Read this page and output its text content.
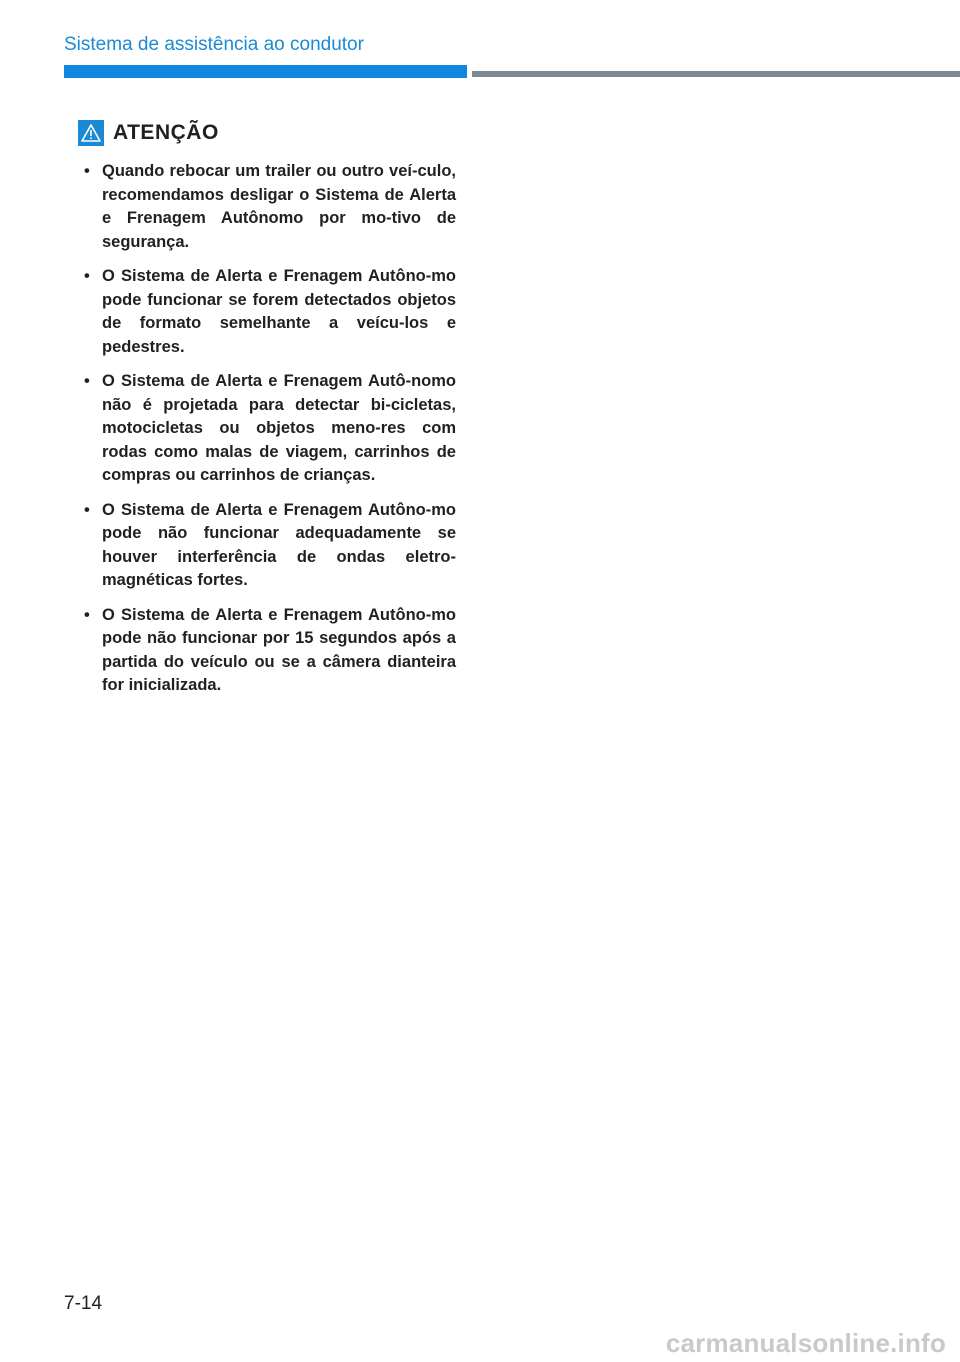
Sistema de assistência ao condutor
ATENÇÃO
• Quando rebocar um trailer ou outro veí-culo, recomendamos desligar o Sistema de Alerta e Frenagem Autônomo por mo-tivo de segurança.
• O Sistema de Alerta e Frenagem Autôno-mo pode funcionar se forem detectados objetos de formato semelhante a veícu-los e pedestres.
• O Sistema de Alerta e Frenagem Autô-nomo não é projetada para detectar bi-cicletas, motocicletas ou objetos meno-res com rodas como malas de viagem, carrinhos de compras ou carrinhos de crianças.
• O Sistema de Alerta e Frenagem Autôno-mo pode não funcionar adequadamente se houver interferência de ondas eletro-magnéticas fortes.
• O Sistema de Alerta e Frenagem Autôno-mo pode não funcionar por 15 segundos após a partida do veículo ou se a câmera dianteira for inicializada.
7-14
carmanualsonline.info
